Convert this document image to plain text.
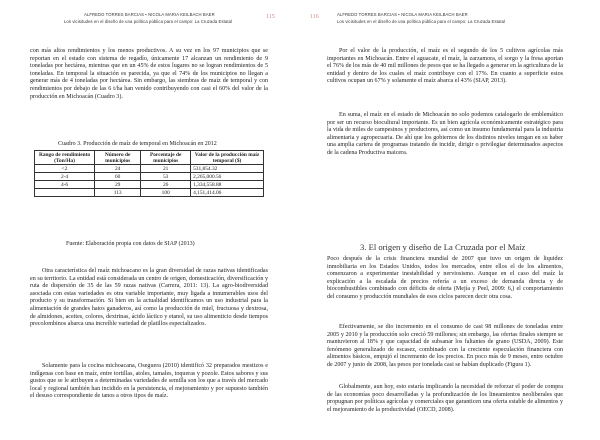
ALFREDO TORRES BARCIAS ▪ NICOLA MARIA KEILBACH BAER
Los vicisitudes en el diseño de una política pública para el campo: La Cruzada Estatal
115

con más altos rendimientos y los menos productivos. A su vez en los 97 municipios que se reportan en el estado con sistema de regadío, únicamente 17 alcanzan un rendimiento de 9 toneladas por hectárea, mientras que en un 45% de estos lugares no se logran rendimientos de 5 toneladas. En temporal la situación es parecida, ya que el 74% de los municipios no llegan a generar más de 4 toneladas por hectárea. Sin embargo, las siembras de maíz de temporal y con rendimientos por debajo de las 6 t/ha han venido contribuyendo con casi el 60% del valor de la producción en Michoacán (Cuadro 3).

Cuadro 3. Producción de maíz de temporal en Michoacán en 2012
Rango de rendimiento (Ton/Ha)	Número de municipios	Porcentaje de municipios	Valor de la producción maíz temporal ($)
<2	24	21	531,854.32
2-4	60	53	2,265,000.56
4-6	29	26	1,334,558.88
	113	100	4,151,414.06
Fuente: Elaboración propia con datos de SIAP (2013)

Otra característica del maíz michoacano es la gran diversidad de razas nativas identificadas en su territorio. La entidad está considerada un centro de origen, domesticación, diversificación y ruta de dispersión de 35 de las 59 razas nativas (Carrera, 2011: 13). La agro-biodiversidad asociada con estas variedades es otra variable importante, muy ligada a innumerables usos del producto y su transformación. Si bien en la actualidad identificamos un uso industrial para la alimentación de grandes hatos ganaderos, así como la producción de miel, fructuosa y dextrosa, de almidones, aceites, colores, dextrinas, ácido láctico y etanol, su uso alimenticio desde tiempos precolombinos abarca una increíble variedad de platillos especializados.

Solamente para la cocina michoacana, Oseguera (2010) identificó 32 preparados mestizos e indígenas con base en maíz, entre tortillas, atoles, tamales, toqueras y pozole. Estos sabores y sus gustos que se le atribuyen a determinadas variedades de semilla son los que a través del mercado local y regional también han incidido en la persistencia, el mejoramiento y por supuesto también el desuso correspondiente de tanos a otros tipos de maíz.

116	ALFREDO TORRES BARCIAS ▪ NICOLA MARIA KEILBACH BAER
Los vicisitudes en el diseño de una política pública para el campo: La Cruzada Estatal

Por el valor de la producción, el maíz es el segundo de los 5 cultivos agrícolas más importantes en Michoacán. Entre el aguacate, el maíz, la zarzamora, el sorgo y la fresa aportan el 76% de los más de 40 mil millones de pesos que se ha llegado a generar en la agricultura de la entidad y dentro de los cuales el maíz contribuye con el 17%. En cuanto a superficie estos cultivos ocupan un 67% y solamente el maíz abarca el 43% (SIAP, 2013).

En suma, el maíz en el estado de Michoacán no solo podemos catalogarlo de emblemático por ser un recurso biocultural importante. Es un bien agrícola económicamente estratégico para la vida de miles de campesinos y productores, así como un insumo fundamental para la industria alimentaria y agropecuaria. De ahí que los gobiernos de los distintos niveles tengan en su haber una amplia cartera de programas tratando de incidir, dirigir o privilegiar determinados aspectos de la cadena Productiva maicera.

3. El origen y diseño de La Cruzada por el Maíz

Poco después de la crisis financiera mundial de 2007 que tuvo un origen de liquidez inmobiliaria en los Estados Unidos, todos los mercados, entre ellos el de los alimentos, comenzaron a experimentar inestabilidad y nerviosismo. Aunque en el caso del maíz la explicación a la escalada de precios refería a un exceso de demanda directa y de biocombustibles combinado con déficits de oferta (Mejía y Peel, 2009: 6,) el comportamiento del consumo y producción mundiales de esos ciclos parecen decir otra cosa.

Efectivamente, se dio incremento en el consumo de casi 98 millones de toneladas entre 2005 y 2010 y la producción solo creció 59 millones; sin embargo, las ofertas finales siempre se mantuvieron al 18% y que capacidad de subsanar los faltantes de grano (USDA, 2009). Este fenómeno generalizado de escasez, combinado con la creciente especulación financiera con alimentos básicos, empujó el incremento de los precios. En poco más de 9 meses, entre octubre de 2007 y junio de 2008, las pesos por tonelada casi se habían duplicado (Figura 1).

Globalmente, aun hoy, esto estaría implicando la necesidad de reforzar el poder de compra de las economías poco desarrolladas y la profundización de los lineamientos neoliberales que propugnan por políticas agrícolas y comerciales que garanticen una oferta estable de alimentos y el mejoramiento de la productividad (OECD, 2008).
